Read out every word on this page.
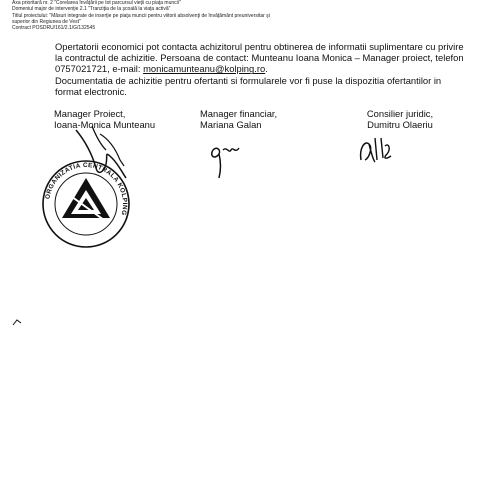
Axa prioritară nr. 2 "Corelarea învăţării pe tot parcursul vieţii cu piaţa muncii"
Domeniul major de intervenţie 2.1 "Tranziţia de la şcoală la viaţa activă"
Titlul proiectului: "Măsuri integrate de inserţie pe piaţa muncii pentru viitorii absolvenţi de învăţământ preuniversitar şi
superior din Regiunea de Vest"
Contract POSDRU/161/2.1/G/132545

Opertatorii economici pot contacta achizitorul pentru obtinerea de informatii suplimentare cu privire la contractul de achizitie. Persoana de contact: Munteanu Ioana Monica – Manager proiect, telefon 0757021721, e-mail: monicamunteanu@kolping.ro.

Documentatia de achizitie pentru ofertanti si formularele vor fi puse la dispozitia ofertantilor in format electronic.

Manager Proiect,
Ioana-Monica Munteanu
Manager financiar,
Mariana Galan
Consilier juridic,
Dumitru Olaeriu
ORGANIZATIA CENTRALA KOLPING
